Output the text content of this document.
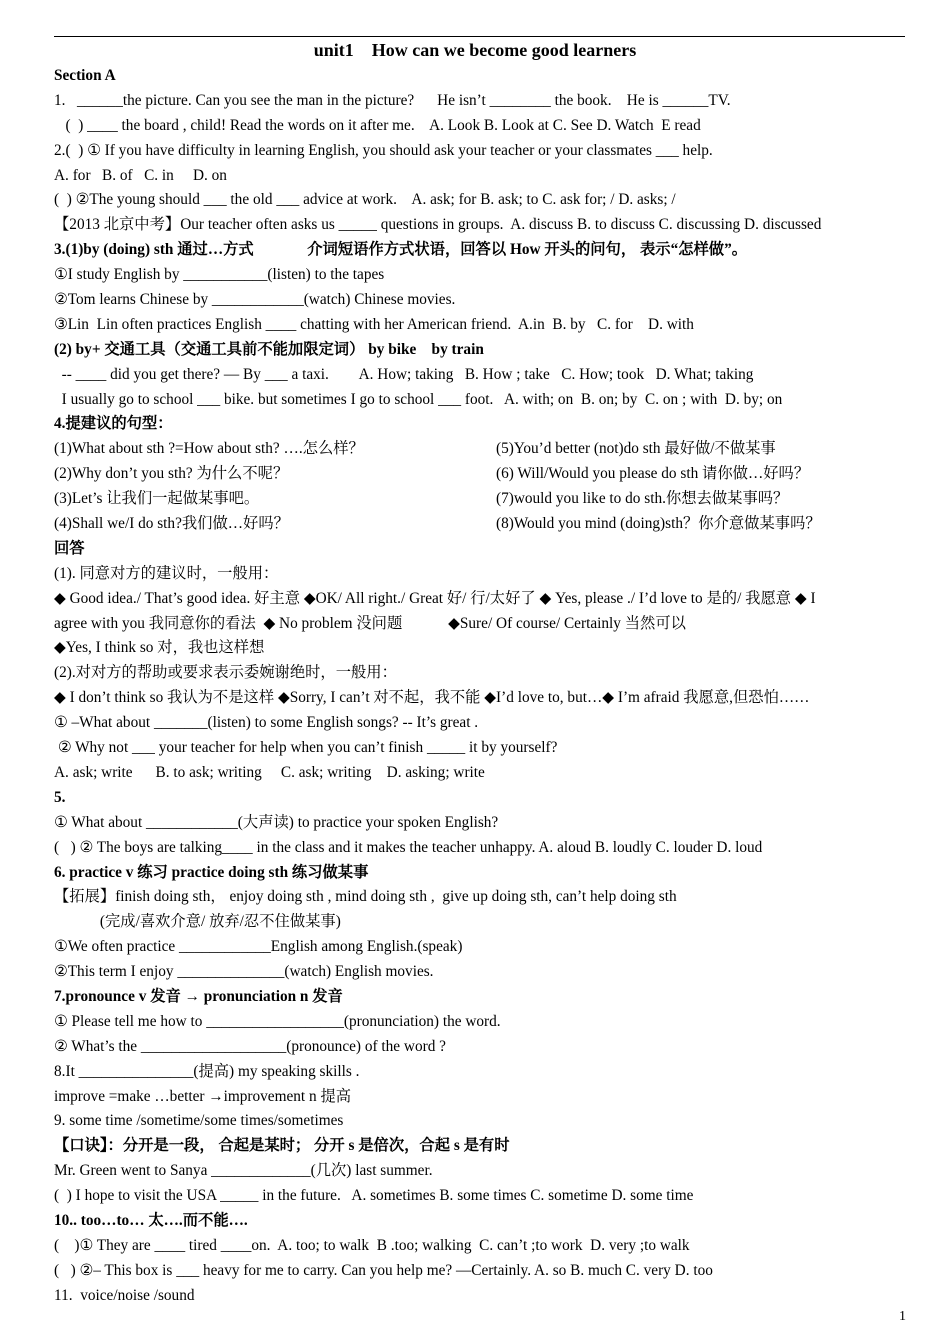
unit1    How can we become good learners
Section A
1.   ______the picture. Can you see the man in the picture?      He isn’t ________ the book.    He is ______TV.
(  ) ____ the board , child! Read the words on it after me.    A. Look B. Look at C. See D. Watch  E read
2.(  ) ① If you have difficulty in learning English, you should ask your teacher or your classmates ___ help.
A. for   B. of   C. in     D. on
(  ) ②The young should ___ the old ___ advice at work.    A. ask; for B. ask; to C. ask for; / D. asks; /
【2013 北京中考】Our teacher often asks us _____ questions in groups.  A. discuss B. to discuss C. discussing D. discussed
3.(1)by (doing) sth 通过…方式              介词短语作方式状语，回答以 How 开头的问句， 表示“怎样做”。
①I study English by ___________(listen) to the tapes
②Tom learns Chinese by ____________(watch) Chinese movies.
③Lin  Lin often practices English ____ chatting with her American friend.  A.in  B. by   C. for    D. with
(2) by+ 交通工具（交通工具前不能加限定词） by bike    by train
-- ____ did you get there? — By ___ a taxi.        A. How; taking   B. How ; take   C. How; took   D. What; taking
I usually go to school ___ bike. but sometimes I go to school ___ foot.   A. with; on  B. on; by  C. on ; with  D. by; on
4.提建议的句型：
(1)What about sth ?=How about sth? ….怎么样？	(5)You’d better (not)do sth 最好做/不做某事
(2)Why don’t you sth? 为什么不呢？	(6) Will/Would you please do sth 请你做…好吗？
(3)Let’s 让我们一起做某事吧。	(7)would you like to do sth.你想去做某事吗？
(4)Shall we/I do sth?我们做…好吗？	(8)Would you mind (doing)sth？你介意做某事吗？
回答
(1). 同意对方的建议时，一般用：
◆ Good idea./ That’s good idea. 好主意 ◆OK/ All right./ Great 好/ 行/太好了 ◆ Yes, please ./ I’d love to 是的/ 我愿意 ◆ I
agree with you 我同意你的看法  ◆ No problem 没问题            ◆Sure/ Of course/ Certainly 当然可以
◆Yes, I think so 对，我也这样想
(2).对对方的帮助或要求表示委婉谢绝时，一般用：
◆ I don’t think so 我认为不是这样 ◆Sorry, I can’t 对不起，我不能 ◆I’d love to, but…◆ I’m afraid 我愿意,但恐怕……
① –What about _______(listen) to some English songs? -- It’s great .
② Why not ___ your teacher for help when you can’t finish _____ it by yourself?
A. ask; write      B. to ask; writing     C. ask; writing    D. asking; write
5.
① What about ____________(大声读) to practice your spoken English?
(   ) ② The boys are talking____ in the class and it makes the teacher unhappy. A. aloud B. loudly C. louder D. loud
6. practice v 练习 practice doing sth 练习做某事
【拓展】finish doing sth， enjoy doing sth , mind doing sth ,  give up doing sth, can’t help doing sth
(完成/喜欢介意/ 放弃/忍不住做某事)
①We often practice ____________English among English.(speak)
②This term I enjoy ______________(watch) English movies.
7.pronounce v 发音 → pronunciation n 发音
① Please tell me how to __________________(pronunciation) the word.
② What’s the ___________________(pronounce) of the word ?
8.It _______________(提高) my speaking skills .
improve =make …better →improvement n 提高
9. some time /sometime/some times/sometimes
【口诀】：分开是一段， 合起是某时； 分开 s 是倍次，合起 s 是有时
Mr. Green went to Sanya _____________(几次) last summer.
(  ) I hope to visit the USA _____ in the future.   A. sometimes B. some times C. sometime D. some time
10.. too…to… 太….而不能….
(    )① They are ____ tired ____on.  A. too; to walk  B .too; walking  C. can’t ;to work  D. very ;to walk
(   ) ②– This box is ___ heavy for me to carry. Can you help me? —Certainly. A. so B. much C. very D. too
11.  voice/noise /sound
1
